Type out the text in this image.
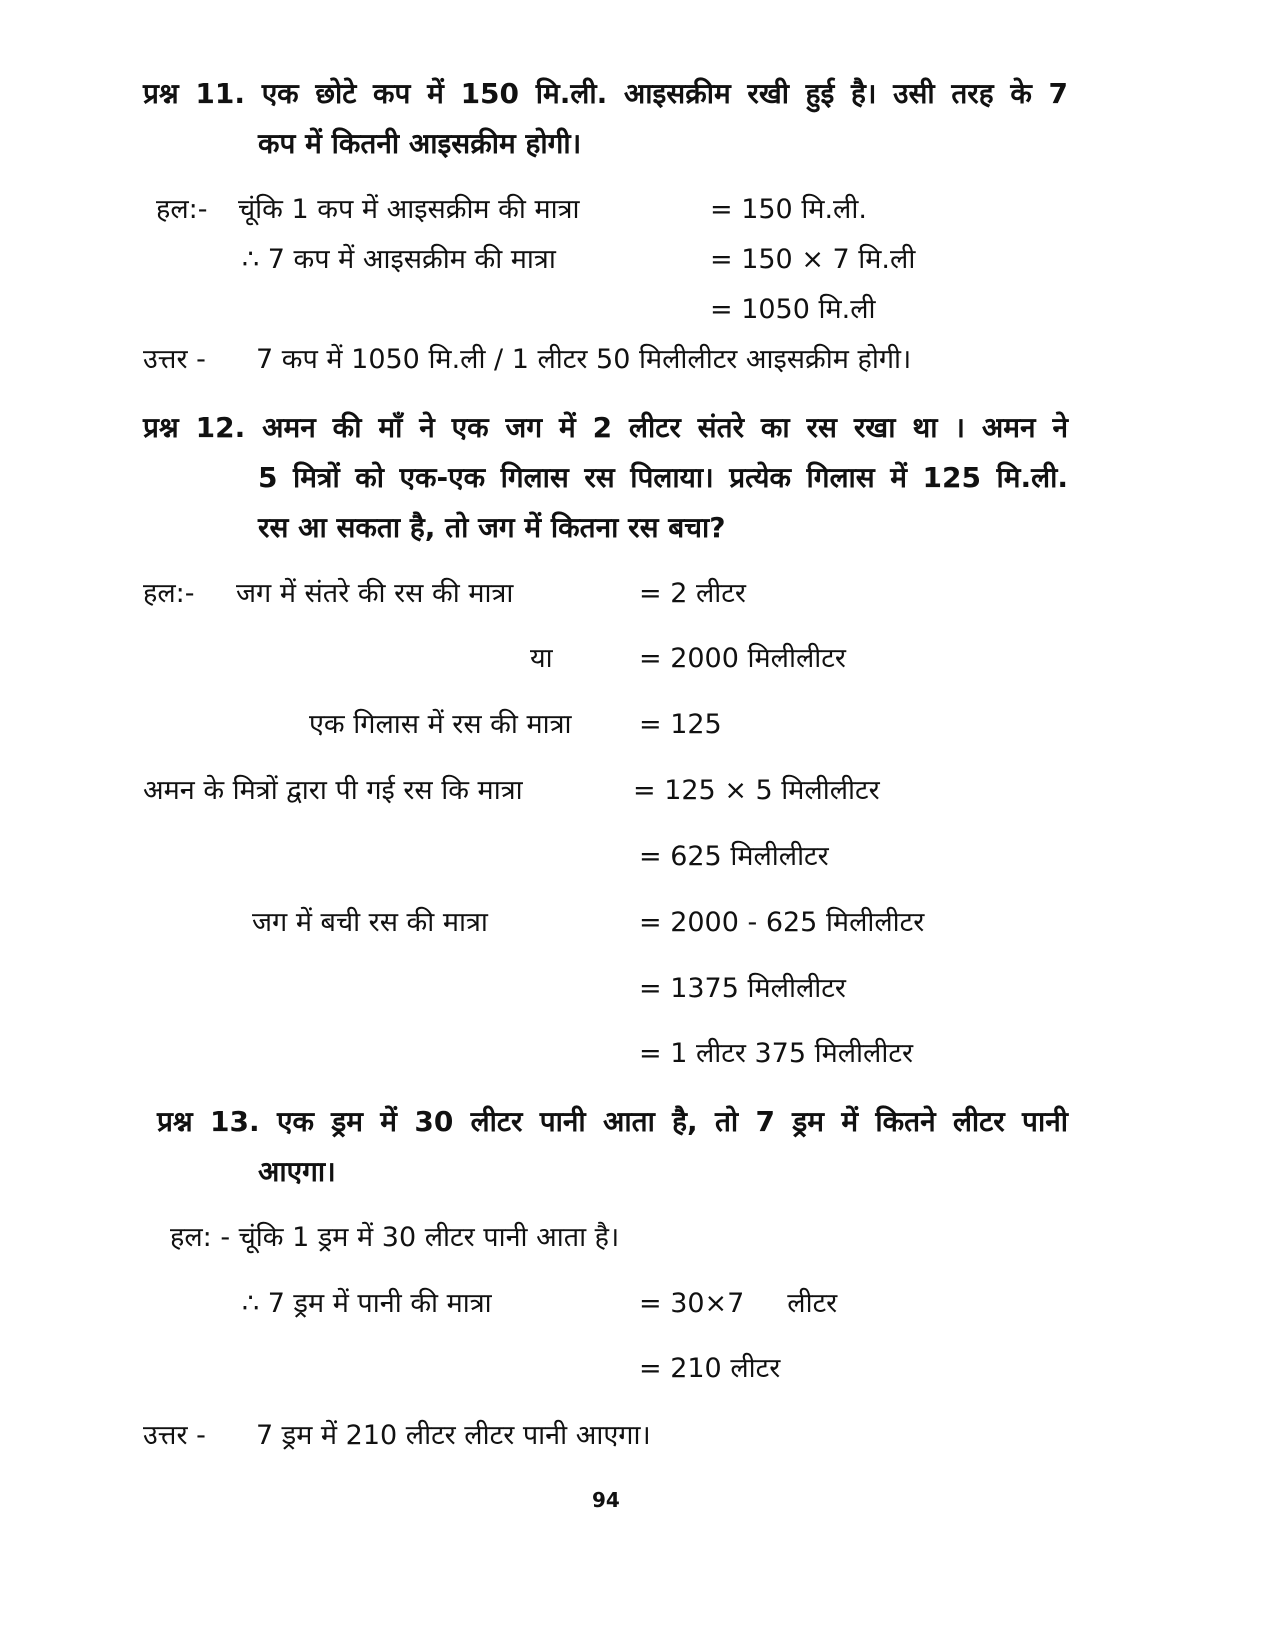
प्रश्न 11. एक छोटे कप में 150 मि.ली. आइसक्रीम रखी हुई है। उसी तरह के 7
कप में कितनी आइसक्रीम होगी।
हल:- चूंकि 1 कप में आइसक्रीम की मात्रा	= 150 मि.ली.
∴ 7 कप में आइसक्रीम की मात्रा	= 150 × 7 मि.ली
= 1050 मि.ली
उत्तर - 7 कप में 1050 मि.ली / 1 लीटर 50 मिलीलीटर आइसक्रीम होगी।
प्रश्न 12. अमन की माँ ने एक जग में 2 लीटर संतरे का रस रखा था । अमन ने
5 मित्रों को एक-एक गिलास रस पिलाया। प्रत्येक गिलास में 125 मि.ली.
रस आ सकता है, तो जग में कितना रस बचा?
हल:- जग में संतरे की रस की मात्रा	= 2 लीटर
या	= 2000 मिलीलीटर
एक गिलास में रस की मात्रा = 125
अमन के मित्रों द्वारा पी गई रस कि मात्रा	= 125 × 5 मिलीलीटर
= 625 मिलीलीटर
जग में बची रस की मात्रा	= 2000 - 625 मिलीलीटर
= 1375 मिलीलीटर
= 1 लीटर 375 मिलीलीटर
प्रश्न 13. एक ड्रम में 30 लीटर पानी आता है, तो 7 ड्रम में कितने लीटर पानी
आएगा।
हल: - चूंकि 1 ड्रम में 30 लीटर पानी आता है।
∴ 7 ड्रम में पानी की मात्रा	= 30×7     लीटर
= 210 लीटर
उत्तर - 7 ड्रम में 210 लीटर लीटर पानी आएगा।
94
